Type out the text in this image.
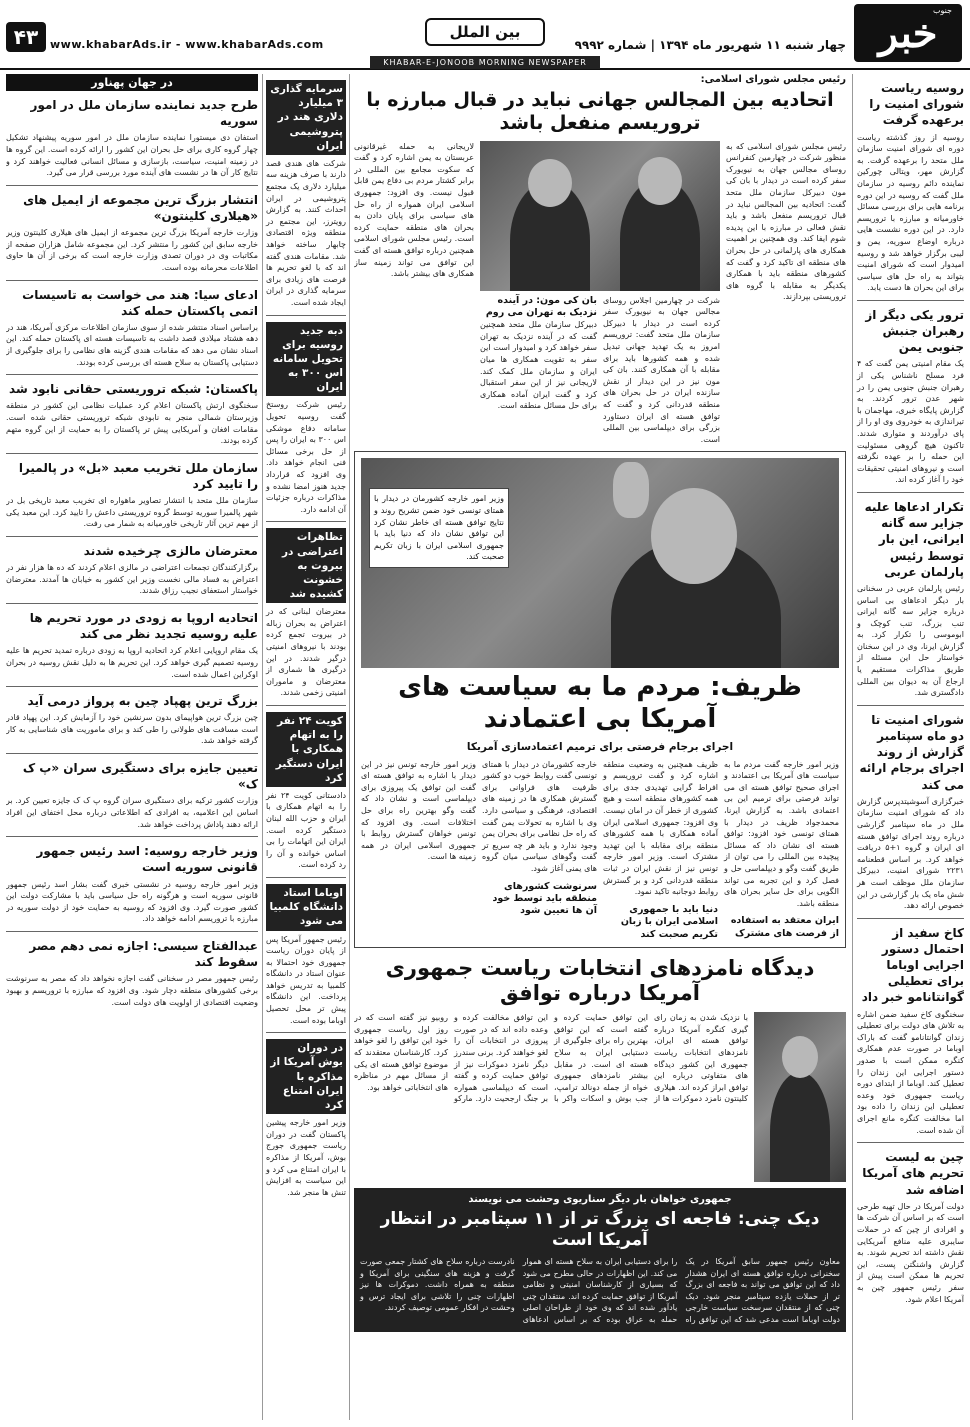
جنوب
خبر
چهار شنبه ۱۱ شهریور ماه ۱۳۹۴ | شماره ۹۹۹۲
بین الملل
www.khabarAds.ir - www.khabarAds.com
۴۳
KHABAR-E-JONOOB MORNING NEWSPAPER
روسیه ریاست شورای امنیت را برعهده گرفت

روسیه از روز گذشته ریاست دوره ای شورای امنیت سازمان ملل متحد را برعهده گرفت. به گزارش مهر، ویتالی چورکین نماینده دائم روسیه در سازمان ملل گفت که روسیه در این دوره برنامه هایی برای بررسی مسائل خاورمیانه و مبارزه با تروریسم دارد. در این دوره نشست هایی درباره اوضاع سوریه، یمن و لیبی برگزار خواهد شد و روسیه امیدوار است که شورای امنیت بتواند به راه حل های سیاسی برای این بحران ها دست یابد.

ترور یکی دیگر از رهبران جنبش جنوبی یمن

یک مقام امنیتی یمن گفت که ۴ فرد مسلح ناشناس یکی از رهبران جنبش جنوبی یمن را در شهر عدن ترور کردند. به گزارش پایگاه خبری، مهاجمان با تیراندازی به خودروی وی او را از پای درآوردند و متواری شدند. تاکنون هیچ گروهی مسئولیت این حمله را بر عهده نگرفته است و نیروهای امنیتی تحقیقات خود را آغاز کرده اند.

تکرار ادعاها علیه جزایر سه گانه ایرانی، این بار توسط رئیس پارلمان عربی

رئیس پارلمان عربی در سخنانی بار دیگر ادعاهای بی اساس درباره جزایر سه گانه ایرانی تنب بزرگ، تنب کوچک و ابوموسی را تکرار کرد. به گزارش ایرنا، وی در این سخنان خواستار حل این مسئله از طریق مذاکرات مستقیم یا ارجاع آن به دیوان بین المللی دادگستری شد.

شورای امنیت تا دو ماه سپتامبر گزارش از روند اجرای برجام ارائه می کند

خبرگزاری آسوشیتدپرس گزارش داد که شورای امنیت سازمان ملل در ماه سپتامبر گزارشی درباره روند اجرای توافق هسته ای ایران و گروه ۱+۵ دریافت خواهد کرد. بر اساس قطعنامه ۲۲۳۱ شورای امنیت، دبیرکل سازمان ملل موظف است هر شش ماه یک بار گزارشی در این خصوص ارائه دهد.

کاخ سفید از احتمال دستور اجرایی اوباما برای تعطیلی گوانتانامو خبر داد

سخنگوی کاخ سفید ضمن اشاره به تلاش های دولت برای تعطیلی زندان گوانتانامو گفت که باراک اوباما در صورت عدم همکاری کنگره ممکن است با صدور دستور اجرایی این زندان را تعطیل کند. اوباما از ابتدای دوره ریاست جمهوری خود وعده تعطیلی این زندان را داده بود اما مخالفت کنگره مانع اجرای آن شده است.

چین به لیست تحریم های آمریکا اضافه شد

دولت آمریکا در حال تهیه طرحی است که بر اساس آن شرکت ها و افرادی از چین که در حملات سایبری علیه منافع آمریکایی نقش داشته اند تحریم شوند. به گزارش واشنگتن پست، این تحریم ها ممکن است پیش از سفر رئیس جمهور چین به آمریکا اعلام شود.

رئیس مجلس شورای اسلامی:
اتحادیه بین المجالس جهانی نباید در قبال مبارزه با تروریسم منفعل باشد

رئیس مجلس شورای اسلامی که به منظور شرکت در چهارمین کنفرانس روسای مجالس جهان به نیویورک سفر کرده است در دیدار با بان کی مون دبیرکل سازمان ملل متحد گفت: اتحادیه بین المجالس نباید در قبال تروریسم منفعل باشد و باید نقش فعالی در مبارزه با این پدیده شوم ایفا کند. وی همچنین بر اهمیت همکاری های پارلمانی در حل بحران های منطقه ای تاکید کرد و گفت که کشورهای منطقه باید با همکاری یکدیگر به مقابله با گروه های تروریستی بپردازند.

شرکت در چهارمین اجلاس روسای مجالس جهان به نیویورک سفر کرده است در دیدار با دبیرکل سازمان ملل متحد گفت: تروریسم امروز به یک تهدید جهانی تبدیل شده و همه کشورها باید برای مقابله با آن همکاری کنند. بان کی مون نیز در این دیدار از نقش سازنده ایران در حل بحران های منطقه قدردانی کرد و گفت که توافق هسته ای ایران دستاورد بزرگی برای دیپلماسی بین المللی است.

بان کی مون: در آینده نزدیک به تهران می روم

دبیرکل سازمان ملل متحد همچنین گفت که در آینده نزدیک به تهران سفر خواهد کرد و امیدوار است این سفر به تقویت همکاری ها میان ایران و سازمان ملل کمک کند. لاریجانی نیز از این سفر استقبال کرد و گفت ایران آماده همکاری برای حل مسائل منطقه است.

لاریجانی به حمله غیرقانونی عربستان به یمن اشاره کرد و گفت که سکوت مجامع بین المللی در برابر کشتار مردم بی دفاع یمن قابل قبول نیست. وی افزود: جمهوری اسلامی ایران همواره از راه حل های سیاسی برای پایان دادن به بحران های منطقه حمایت کرده است. رئیس مجلس شورای اسلامی همچنین درباره توافق هسته ای گفت این توافق می تواند زمینه ساز همکاری های بیشتر باشد.

وزیر امور خارجه کشورمان در دیدار با همتای تونسی خود ضمن تشریح روند و نتایج توافق هسته ای خاطر نشان کرد این توافق نشان داد که دنیا باید با جمهوری اسلامی ایران با زبان تکریم صحبت کند.
ظریف: مردم ما به سیاست های آمریکا بی اعتمادند
اجرای برجام فرصتی برای ترمیم اعتمادسازی آمریکا

وزیر امور خارجه گفت مردم ما به سیاست های آمریکا بی اعتمادند و اجرای صحیح توافق هسته ای می تواند فرصتی برای ترمیم این بی اعتمادی باشد. به گزارش ایرنا، محمدجواد ظریف در دیدار با همتای تونسی خود افزود: توافق هسته ای نشان داد که مسائل پیچیده بین المللی را می توان از طریق گفت وگو و دیپلماسی حل و فصل کرد و این تجربه می تواند الگویی برای حل سایر بحران های منطقه باشد.

ایران معتقد به استفاده از فرصت های مشترک

ظریف همچنین به وضعیت منطقه اشاره کرد و گفت تروریسم و افراط گرایی تهدیدی جدی برای همه کشورهای منطقه است و هیچ کشوری از خطر آن در امان نیست. وی افزود: جمهوری اسلامی ایران آماده همکاری با همه کشورهای منطقه برای مقابله با این تهدید مشترک است. وزیر امور خارجه تونس نیز از نقش ایران در ثبات منطقه قدردانی کرد و بر گسترش روابط دوجانبه تاکید نمود.

دنیا باید با جمهوری اسلامی ایران با زبان تکریم صحبت کند

خارجه کشورمان در دیدار با همتای تونسی گفت روابط خوب دو کشور ظرفیت های فراوانی برای گسترش همکاری ها در زمینه های اقتصادی، فرهنگی و سیاسی دارد. وی با اشاره به تحولات یمن گفت که راه حل نظامی برای بحران یمن وجود ندارد و باید هر چه سریع تر گفت وگوهای سیاسی میان گروه های یمنی آغاز شود.

سرنوشت کشورهای منطقه باید توسط خود آن ها تعیین شود

وزیر امور خارجه تونس نیز در این دیدار با اشاره به توافق هسته ای گفت این توافق یک پیروزی برای دیپلماسی است و نشان داد که گفت وگو بهترین راه برای حل اختلافات است. وی افزود که تونس خواهان گسترش روابط با جمهوری اسلامی ایران در همه زمینه ها است.

دیدگاه نامزدهای انتخابات ریاست جمهوری آمریکا درباره توافق

با نزدیک شدن به زمان رای گیری کنگره آمریکا درباره توافق هسته ای ایران، نامزدهای انتخابات ریاست جمهوری این کشور دیدگاه های متفاوتی درباره این توافق ابراز کرده اند. هیلاری کلینتون نامزد دموکرات ها از این توافق حمایت کرده و گفته است که این توافق بهترین راه برای جلوگیری از دستیابی ایران به سلاح هسته ای است. در مقابل بیشتر نامزدهای جمهوری خواه از جمله دونالد ترامپ، جب بوش و اسکات واکر با این توافق مخالفت کرده و وعده داده اند که در صورت پیروزی در انتخابات آن را لغو خواهند کرد. برنی سندرز دیگر نامزد دموکرات نیز از توافق حمایت کرده و گفته است که دیپلماسی همواره بر جنگ ارجحیت دارد. مارکو روبیو نیز گفته است که در روز اول ریاست جمهوری خود این توافق را لغو خواهد کرد. کارشناسان معتقدند که موضوع توافق هسته ای یکی از مسائل مهم در مناظره های انتخاباتی خواهد بود.

جمهوری خواهان بار دیگر سناریوی وحشت می نویسند
دیک چنی: فاجعه ای بزرگ تر از ۱۱ سپتامبر در انتظار آمریکا است

معاون رئیس جمهور سابق آمریکا در یک سخنرانی درباره توافق هسته ای ایران هشدار داد که این توافق می تواند به فاجعه ای بزرگ تر از حملات یازده سپتامبر منجر شود. دیک چنی که از منتقدان سرسخت سیاست خارجی دولت اوباما است مدعی شد که این توافق راه را برای دستیابی ایران به سلاح هسته ای هموار می کند. این اظهارات در حالی مطرح می شود که بسیاری از کارشناسان امنیتی و نظامی آمریکا از توافق حمایت کرده اند. منتقدان چنی یادآور شده اند که وی خود از طراحان اصلی حمله به عراق بوده که بر اساس ادعاهای نادرست درباره سلاح های کشتار جمعی صورت گرفت و هزینه های سنگینی برای آمریکا و منطقه به همراه داشت. دموکرات ها نیز اظهارات چنی را تلاشی برای ایجاد ترس و وحشت در افکار عمومی توصیف کردند.

سرمایه گذاری ۳ میلیارد دلاری هند در پتروشیمی ایران

شرکت های هندی قصد دارند با صرف هزینه سه میلیارد دلاری یک مجتمع پتروشیمی در ایران احداث کنند. به گزارش رویترز، این مجتمع در منطقه ویژه اقتصادی چابهار ساخته خواهد شد. مقامات هندی گفته اند که با لغو تحریم ها فرصت های زیادی برای سرمایه گذاری در ایران ایجاد شده است.

دبه جدید روسیه برای تحویل سامانه اس ۳۰۰ به ایران

رئیس شرکت روستخ گفت روسیه تحویل سامانه دفاع موشکی اس ۳۰۰ به ایران را پس از حل برخی مسائل فنی انجام خواهد داد. وی افزود که قرارداد جدید هنوز امضا نشده و مذاکرات درباره جزئیات آن ادامه دارد.

تظاهرات اعتراضی در بیروت به خشونت کشیده شد

معترضان لبنانی که در اعتراض به بحران زباله در بیروت تجمع کرده بودند با نیروهای امنیتی درگیر شدند. در این درگیری ها شماری از معترضان و ماموران امنیتی زخمی شدند.

کویت ۲۴ نفر را به اتهام همکاری با ایران دستگیر کرد

دادستانی کویت ۲۴ نفر را به اتهام همکاری با ایران و حزب الله لبنان دستگیر کرده است. ایران این اتهامات را بی اساس خوانده و آن را رد کرده است.

اوباما استاد دانشگاه کلمبیا می شود

رئیس جمهور آمریکا پس از پایان دوران ریاست جمهوری خود احتمالا به عنوان استاد در دانشگاه کلمبیا به تدریس خواهد پرداخت. این دانشگاه پیش تر محل تحصیل اوباما بوده است.

در دوران بوش آمریکا از مذاکره با ایران امتناع کرد

وزیر امور خارجه پیشین پاکستان گفت در دوران ریاست جمهوری جورج بوش، آمریکا از مذاکره با ایران امتناع می کرد و این سیاست به افزایش تنش ها منجر شد.

در جهان پهناور
طرح جدید نماینده سازمان ملل در امور سوریه

استفان دی میستورا نماینده سازمان ملل در امور سوریه پیشنهاد تشکیل چهار گروه کاری برای حل بحران این کشور را ارائه کرده است. این گروه ها در زمینه امنیت، سیاست، بازسازی و مسائل انسانی فعالیت خواهند کرد و نتایج کار آن ها در نشست های آینده مورد بررسی قرار می گیرد.

انتشار بزرگ ترین مجموعه از ایمیل های «هیلاری کلینتون»

وزارت خارجه آمریکا بزرگ ترین مجموعه از ایمیل های هیلاری کلینتون وزیر خارجه سابق این کشور را منتشر کرد. این مجموعه شامل هزاران صفحه از مکاتبات وی در دوران تصدی وزارت خارجه است که برخی از آن ها حاوی اطلاعات محرمانه بوده است.

ادعای سیا: هند می خواست به تاسیسات اتمی پاکستان حمله کند

براساس اسناد منتشر شده از سوی سازمان اطلاعات مرکزی آمریکا، هند در دهه هشتاد میلادی قصد داشت به تاسیسات هسته ای پاکستان حمله کند. این اسناد نشان می دهد که مقامات هندی گزینه های نظامی را برای جلوگیری از دستیابی پاکستان به سلاح هسته ای بررسی کرده بودند.

پاکستان: شبکه تروریستی حقانی نابود شد

سخنگوی ارتش پاکستان اعلام کرد عملیات نظامی این کشور در منطقه وزیرستان شمالی منجر به نابودی شبکه تروریستی حقانی شده است. مقامات افغان و آمریکایی پیش تر پاکستان را به حمایت از این گروه متهم کرده بودند.

سازمان ملل تخریب معبد «بل» در پالمیرا را تایید کرد

سازمان ملل متحد با انتشار تصاویر ماهواره ای تخریب معبد تاریخی بل در شهر پالمیرا سوریه توسط گروه تروریستی داعش را تایید کرد. این معبد یکی از مهم ترین آثار تاریخی خاورمیانه به شمار می رفت.

معترضان مالزی چرخیده شدند

برگزارکنندگان تجمعات اعتراضی در مالزی اعلام کردند که ده ها هزار نفر در اعتراض به فساد مالی نخست وزیر این کشور به خیابان ها آمدند. معترضان خواستار استعفای نجیب رزاق شدند.

اتحادیه اروپا به زودی در مورد تحریم ها علیه روسیه تجدید نظر می کند

یک مقام اروپایی اعلام کرد اتحادیه اروپا به زودی درباره تمدید تحریم ها علیه روسیه تصمیم گیری خواهد کرد. این تحریم ها به دلیل نقش روسیه در بحران اوکراین اعمال شده است.

بزرگ ترین پهپاد چین به پرواز درمی آید

چین بزرگ ترین هواپیمای بدون سرنشین خود را آزمایش کرد. این پهپاد قادر است مسافت های طولانی را طی کند و برای ماموریت های شناسایی به کار گرفته خواهد شد.

تعیین جایزه برای دستگیری سران «پ ک ک»

وزارت کشور ترکیه برای دستگیری سران گروه پ ک ک جایزه تعیین کرد. بر اساس این اعلامیه، به افرادی که اطلاعاتی درباره محل اختفای این افراد ارائه دهند پاداش پرداخت خواهد شد.

وزیر خارجه روسیه: اسد رئیس جمهور قانونی سوریه است

وزیر امور خارجه روسیه در نشستی خبری گفت بشار اسد رئیس جمهور قانونی سوریه است و هرگونه راه حل سیاسی باید با مشارکت دولت این کشور صورت گیرد. وی افزود که روسیه به حمایت خود از دولت سوریه در مبارزه با تروریسم ادامه خواهد داد.

عبدالفتاح سیسی: اجازه نمی دهم مصر سقوط کند

رئیس جمهور مصر در سخنانی گفت اجازه نخواهد داد که مصر به سرنوشت برخی کشورهای منطقه دچار شود. وی افزود که مبارزه با تروریسم و بهبود وضعیت اقتصادی از اولویت های دولت است.
